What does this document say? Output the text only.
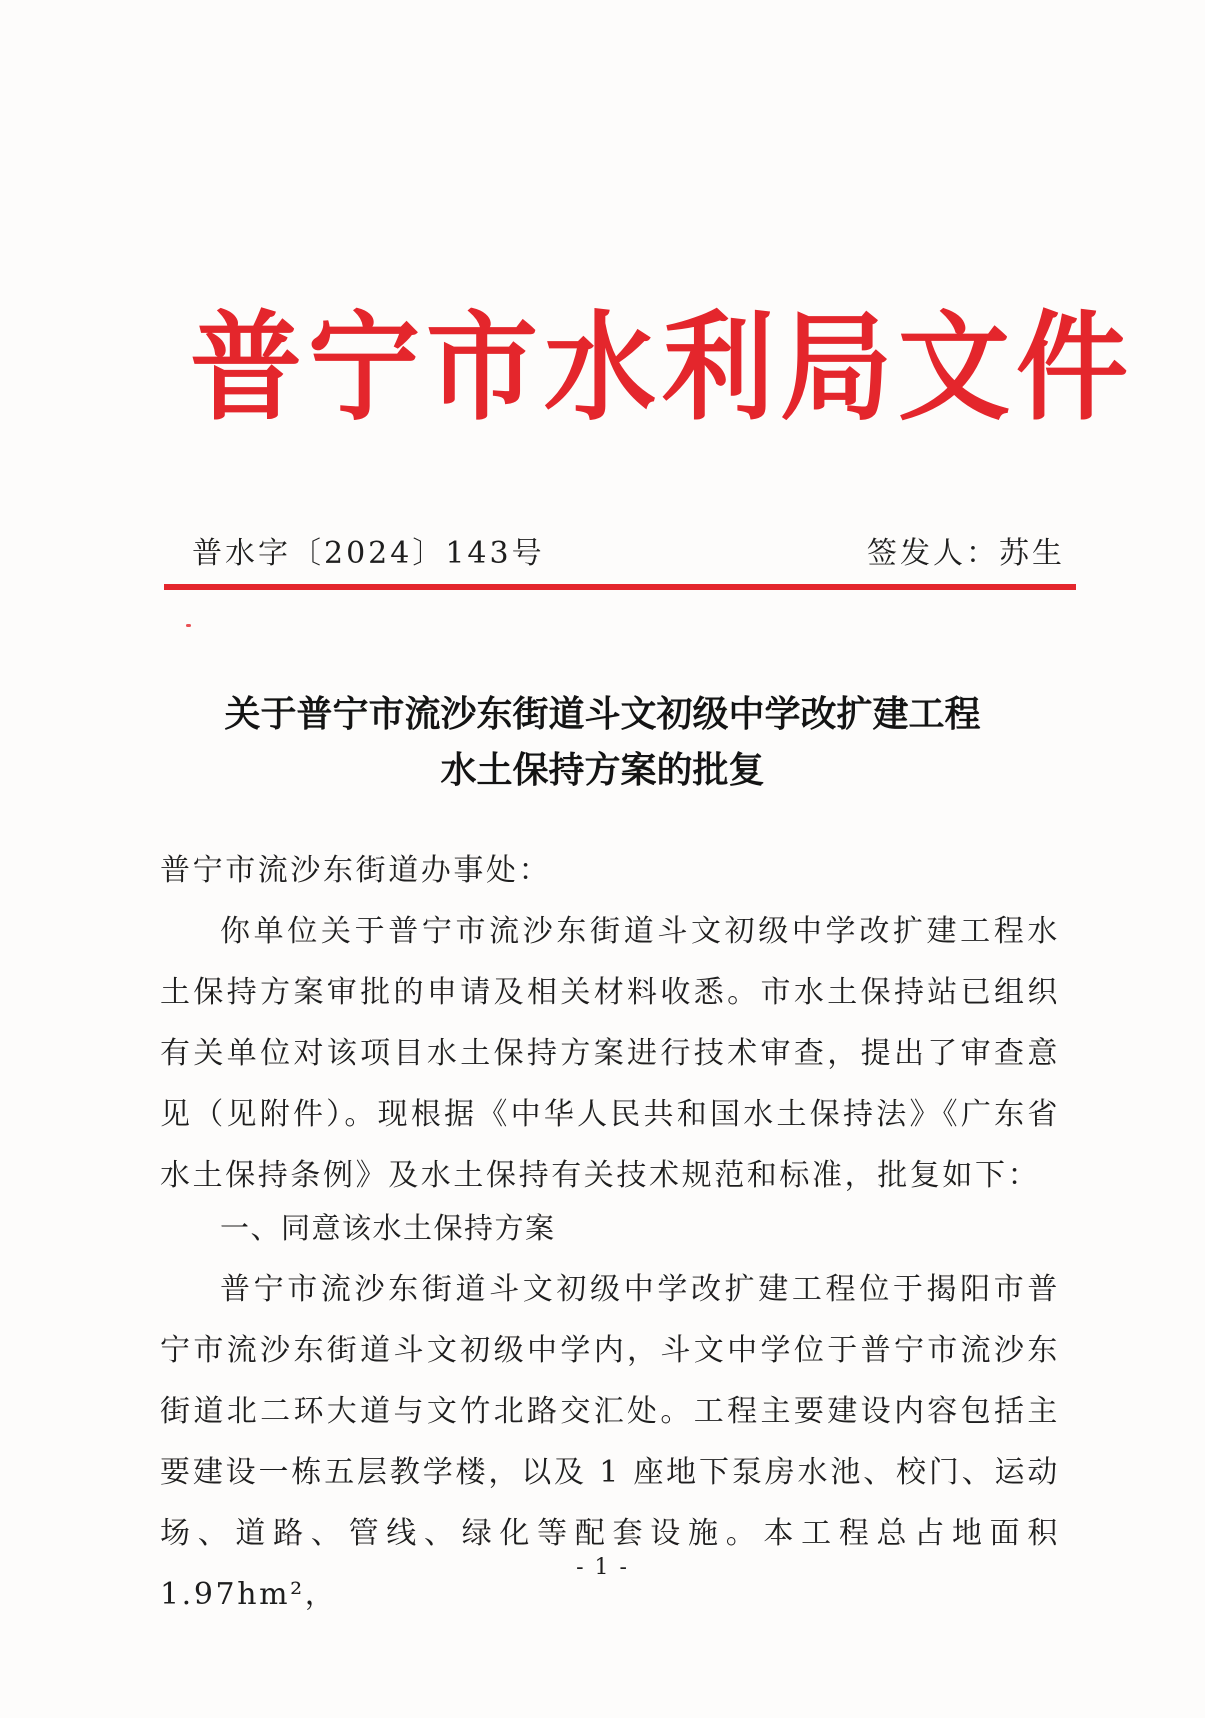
普宁市水利局文件
普水字〔2024〕143号	签发人：苏生
关于普宁市流沙东街道斗文初级中学改扩建工程
水土保持方案的批复
普宁市流沙东街道办事处：
你单位关于普宁市流沙东街道斗文初级中学改扩建工程水土保持方案审批的申请及相关材料收悉。市水土保持站已组织有关单位对该项目水土保持方案进行技术审查，提出了审查意见（见附件）。现根据《中华人民共和国水土保持法》《广东省水土保持条例》及水土保持有关技术规范和标准，批复如下：
一、同意该水土保持方案
普宁市流沙东街道斗文初级中学改扩建工程位于揭阳市普宁市流沙东街道斗文初级中学内，斗文中学位于普宁市流沙东街道北二环大道与文竹北路交汇处。工程主要建设内容包括主要建设一栋五层教学楼，以及 1 座地下泵房水池、校门、运动场、道路、管线、绿化等配套设施。本工程总占地面积 1.97hm²，
- 1 -
